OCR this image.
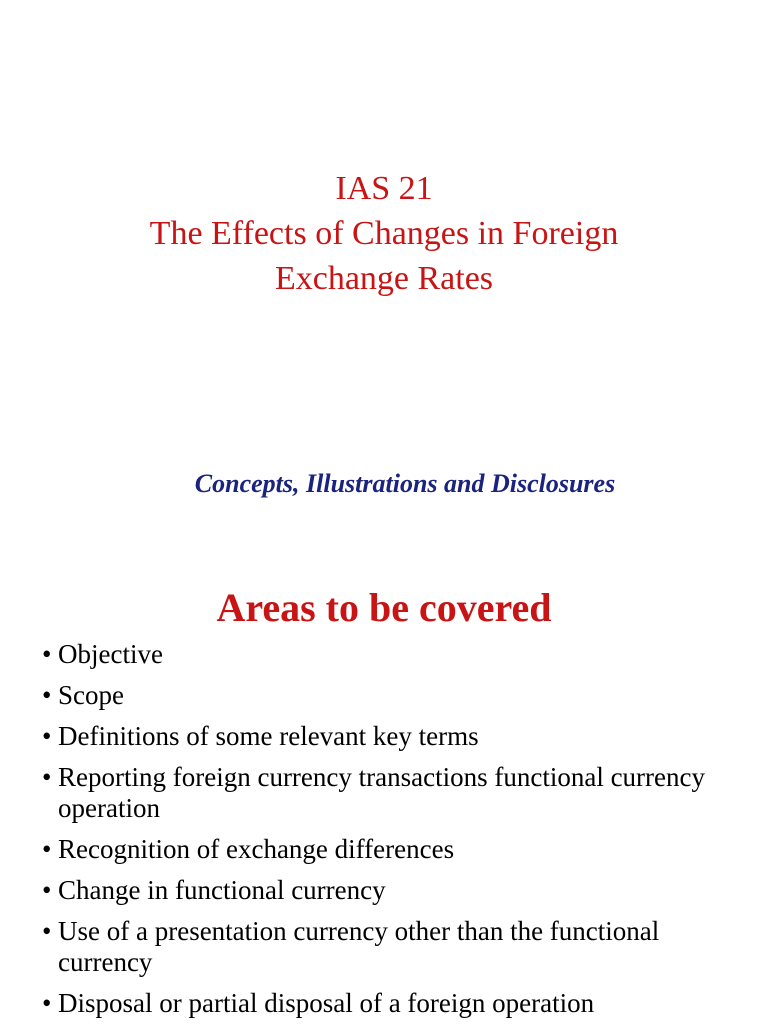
IAS 21
The Effects of Changes in Foreign
Exchange Rates
Concepts, Illustrations and Disclosures
Areas to be covered
• Objective
• Scope
• Definitions of some relevant key terms
• Reporting foreign currency transactions functional currency operation
• Recognition of exchange differences
• Change in functional currency
• Use of a presentation currency other than the functional currency
• Disposal or partial disposal of a foreign operation
